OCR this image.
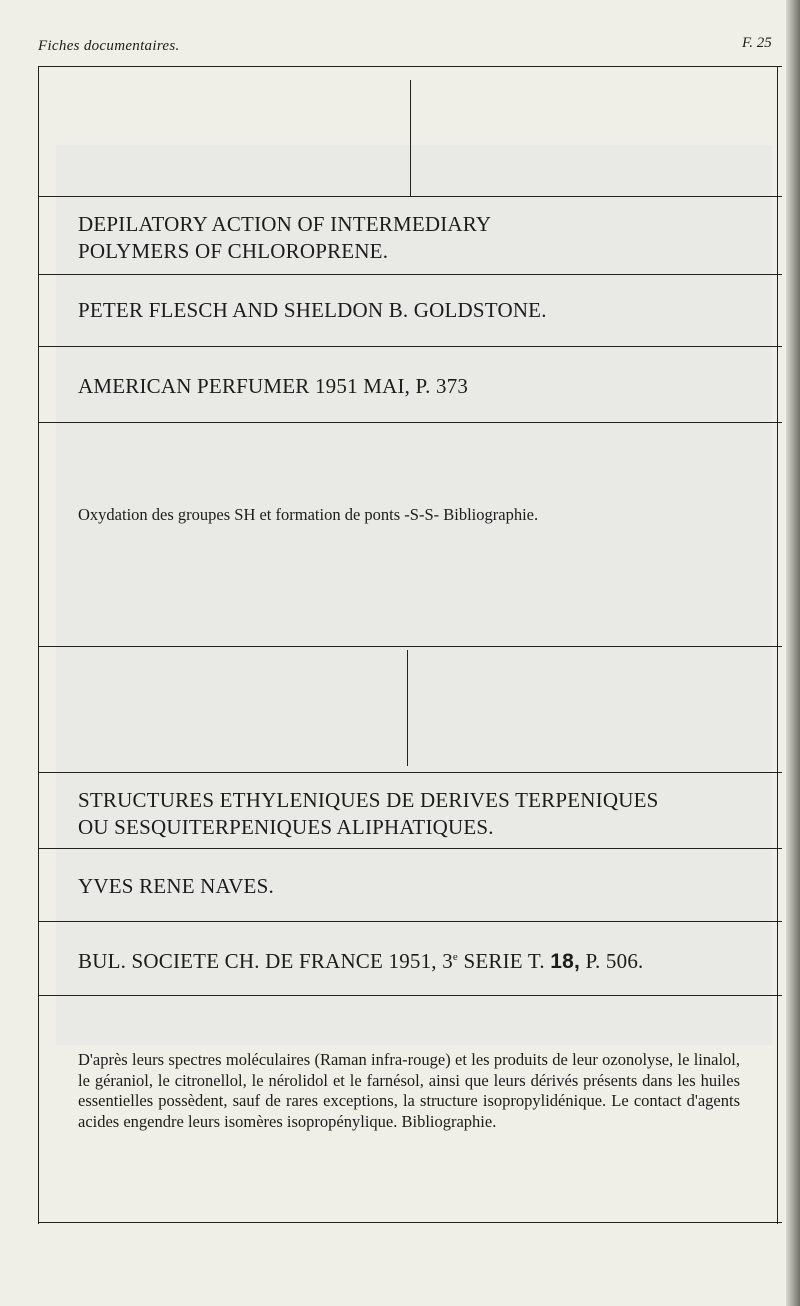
Fiches documentaires.	F. 25
DEPILATORY ACTION OF INTERMEDIARY
POLYMERS OF CHLOROPRENE.
PETER FLESCH AND SHELDON B. GOLDSTONE.
AMERICAN PERFUMER 1951 MAI, P. 373
Oxydation des groupes SH et formation de ponts -S-S- Bibliographie.
STRUCTURES ETHYLENIQUES DE DERIVES TERPENIQUES
OU SESQUITERPENIQUES ALIPHATIQUES.
YVES RENE NAVES.
BUL. SOCIETE CH. DE FRANCE 1951, 3e SERIE T. 18, P. 506.
D'après leurs spectres moléculaires (Raman infra-rouge) et les produits de leur ozonolyse, le linalol, le géraniol, le citronellol, le nérolidol et le farnésol, ainsi que leurs dérivés présents dans les huiles essentielles possèdent, sauf de rares exceptions, la structure isopropylidénique. Le contact d'agents acides engendre leurs isomères isopropénylique. Bibliographie.
